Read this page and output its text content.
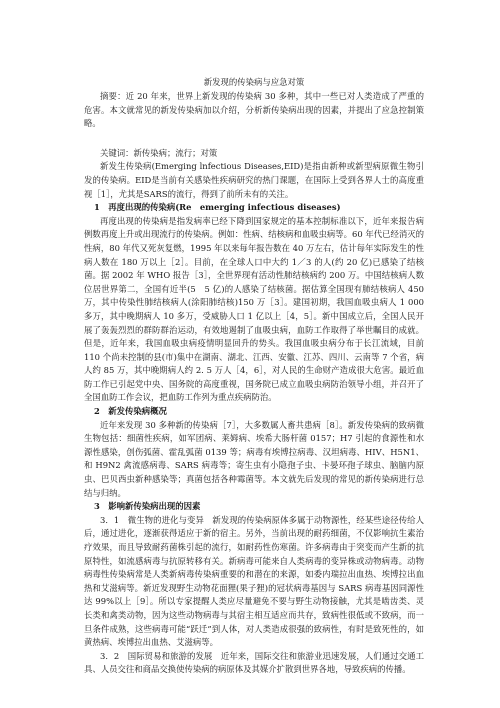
新发现的传染病与应急对策

摘要：近 20 年来，世界上新发现的传染病 30 多种，其中一些已对人类造成了严重的危害。本文就常见的新发传染病加以介绍，分析新传染病出现的因素，并提出了应急控制策略。

关键词：新传染病；流行；对策

新发生传染病(Emerging lnfectious Diseases,EID)是指由新种或新型病原微生物引发的传染病。EID是当前有关感染性疾病研究的热门课题，在国际上受到各界人士的高度重视［1］，尤其是SARS的流行，得到了前所未有的关注。

1　再度出现的传染病(Re　emerging infectious diseases)

再度出现的传染病是指发病率已经下降到国家规定的基本控制标准以下，近年来报告病例数再度上升或出现流行的传染病。例如：性病、结核病和血吸虫病等。60 年代已经消灭的性病，80 年代又死灰复燃，1995 年以来每年报告数在 40 万左右，估计每年实际发生的性病人数在 180 万以上［2］。目前，在全球人口中大约 1／3 的人(约 20 亿)已感染了结核菌。据 2002 年 WHO 报告［3］，全世界现有活动性肺结核病约 200 万。中国结核病人数位居世界第二，全国有近半(5　5 亿)的人感染了结核菌。据估算全国现有肺结核病人 450 万，其中传染性肺结核病人(涂阳肺结核)150 万［3］。建国初期，我国血吸虫病人 1 000 多万，其中晚期病人 10 多万，受威胁人口 1 亿以上［4，5］。新中国成立后，全国人民开展了轰轰烈烈的群防群治运动，有效地遏制了血吸虫病，血防工作取得了举世瞩目的成就。但是，近年来，我国血吸虫病疫情明显回升的势头。我国血吸虫病分布于长江流域，目前 110 个尚未控制的县(市)集中在湖南、湖北、江西、安徽、江苏、四川、云南等 7 个省，病人约 85 万，其中晚期病人约 2. 5 万人［4，6］，对人民的生命财产造成很大危害。最近血防工作已引起党中央、国务院的高度重视，国务院已成立血吸虫病防治领导小组，并召开了全国血防工作会议，把血防工作列为重点疾病防治。

2　新发传染病概况

近年来发现 30 多种新的传染病［7］，大多数属人畜共患病［8］。新发传染病的致病微生物包括：细菌性疾病，如军团病、莱姆病、埃希大肠杆菌 0157；H7 引起的食源性和水源性感染，创伤弧菌、霍乱弧菌 0139 等；病毒有埃博拉病毒、汉坦病毒、HIV、H5N1、和 H9N2 禽流感病毒、SARS 病毒等；寄生虫有小隐孢子虫、卡晏环孢子球虫、脑脑内原虫、巴贝西虫新种感染等；真菌包括各种霉菌等。本文就先后发现的常见的新传染病进行总结与归纳。

3　影响新传染病出现的因素

3．1　微生物的进化与变异　新发现的传染病原体多属于动物源性，经某些途径传给人后，通过进化，逐渐获得适应于新的宿主。另外，当前出现的耐药细菌，不仅影响抗生素治疗效果，而且导致耐药菌株引起的流行，如耐药性伤寒菌。许多病毒由于突变而产生新的抗原特性，如流感病毒与抗原转移有关。新病毒可能来自人类病毒的变异株或动物病毒。动物病毒性传染病常是人类新病毒传染病重要的和潜在的来源，如委内瑞拉出血热、埃博拉出血热和艾滋病等。新近发现野生动物花面狸(果子狸)的冠状病毒基因与 SARS 病毒基因同源性达 99%以上［9］。所以专家提醒人类应尽量避免不要与野生动物接触，尤其是啮齿类、灵长类和禽类动物，因为这些动物病毒与其宿主相互适应而共存，致病性很低或不致病，而一旦条件成熟，这些病毒可能“跃迁”到人体，对人类造成很强的致病性，有时是致死性的，如黄热病、埃博拉出血热、艾滋病等。

3．2　国际贸易和旅游的发展　近年来，国际交往和旅游业迅速发展，人们通过交通工具、人员交往和商品交换使传染病的病原体及其媒介扩散到世界各地，导致疾病的传播。
